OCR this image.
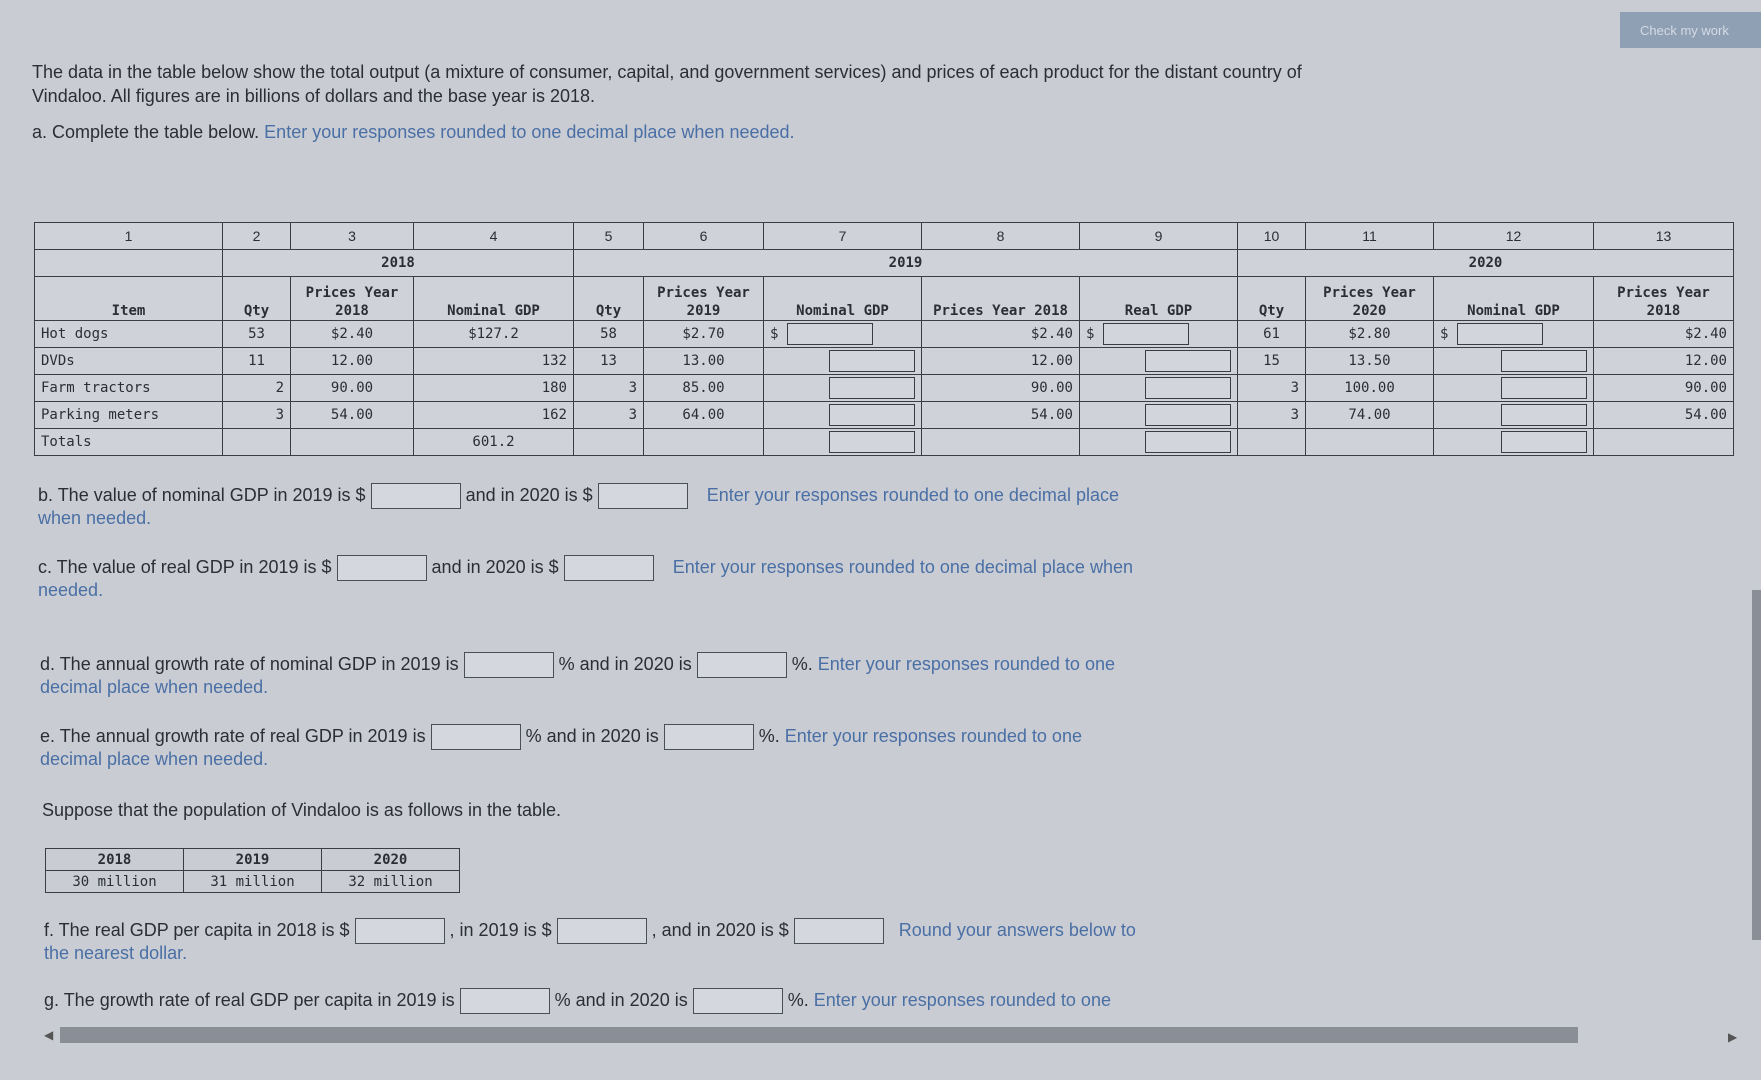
Check my work
The data in the table below show the total output (a mixture of consumer, capital, and government services) and prices of each product for the distant country of Vindaloo. All figures are in billions of dollars and the base year is 2018.
a. Complete the table below. Enter your responses rounded to one decimal place when needed.
1	2	3	4	5	6	7	8	9	10	11	12	13
	2018			2019					2020			
Item	Qty	Prices Year 2018	Nominal GDP	Qty	Prices Year 2019	Nominal GDP	Prices Year 2018	Real GDP	Qty	Prices Year 2020	Nominal GDP	Prices Year 2018
Hot dogs	53	$2.40	$127.2	58	$2.70	$	$2.40	$	61	$2.80	$	$2.40
DVDs	11	12.00	132	13	13.00		12.00		15	13.50		12.00
Farm tractors	2	90.00	180	3	85.00		90.00		3	100.00		90.00
Parking meters	3	54.00	162	3	64.00		54.00		3	74.00		54.00
Totals			601.2									
b. The value of nominal GDP in 2019 is $	and in 2020 is $	Enter your responses rounded to one decimal place
when needed.
c. The value of real GDP in 2019 is $	and in 2020 is $	Enter your responses rounded to one decimal place when
needed.
d. The annual growth rate of nominal GDP in 2019 is	% and in 2020 is	%. Enter your responses rounded to one
decimal place when needed.
e. The annual growth rate of real GDP in 2019 is	% and in 2020 is	%. Enter your responses rounded to one
decimal place when needed.
Suppose that the population of Vindaloo is as follows in the table.
2018	2019	2020
30 million	31 million	32 million
f. The real GDP per capita in 2018 is $	, in 2019 is $	, and in 2020 is $	Round your answers below to
the nearest dollar.
g. The growth rate of real GDP per capita in 2019 is	% and in 2020 is	%. Enter your responses rounded to one
◀	▶
